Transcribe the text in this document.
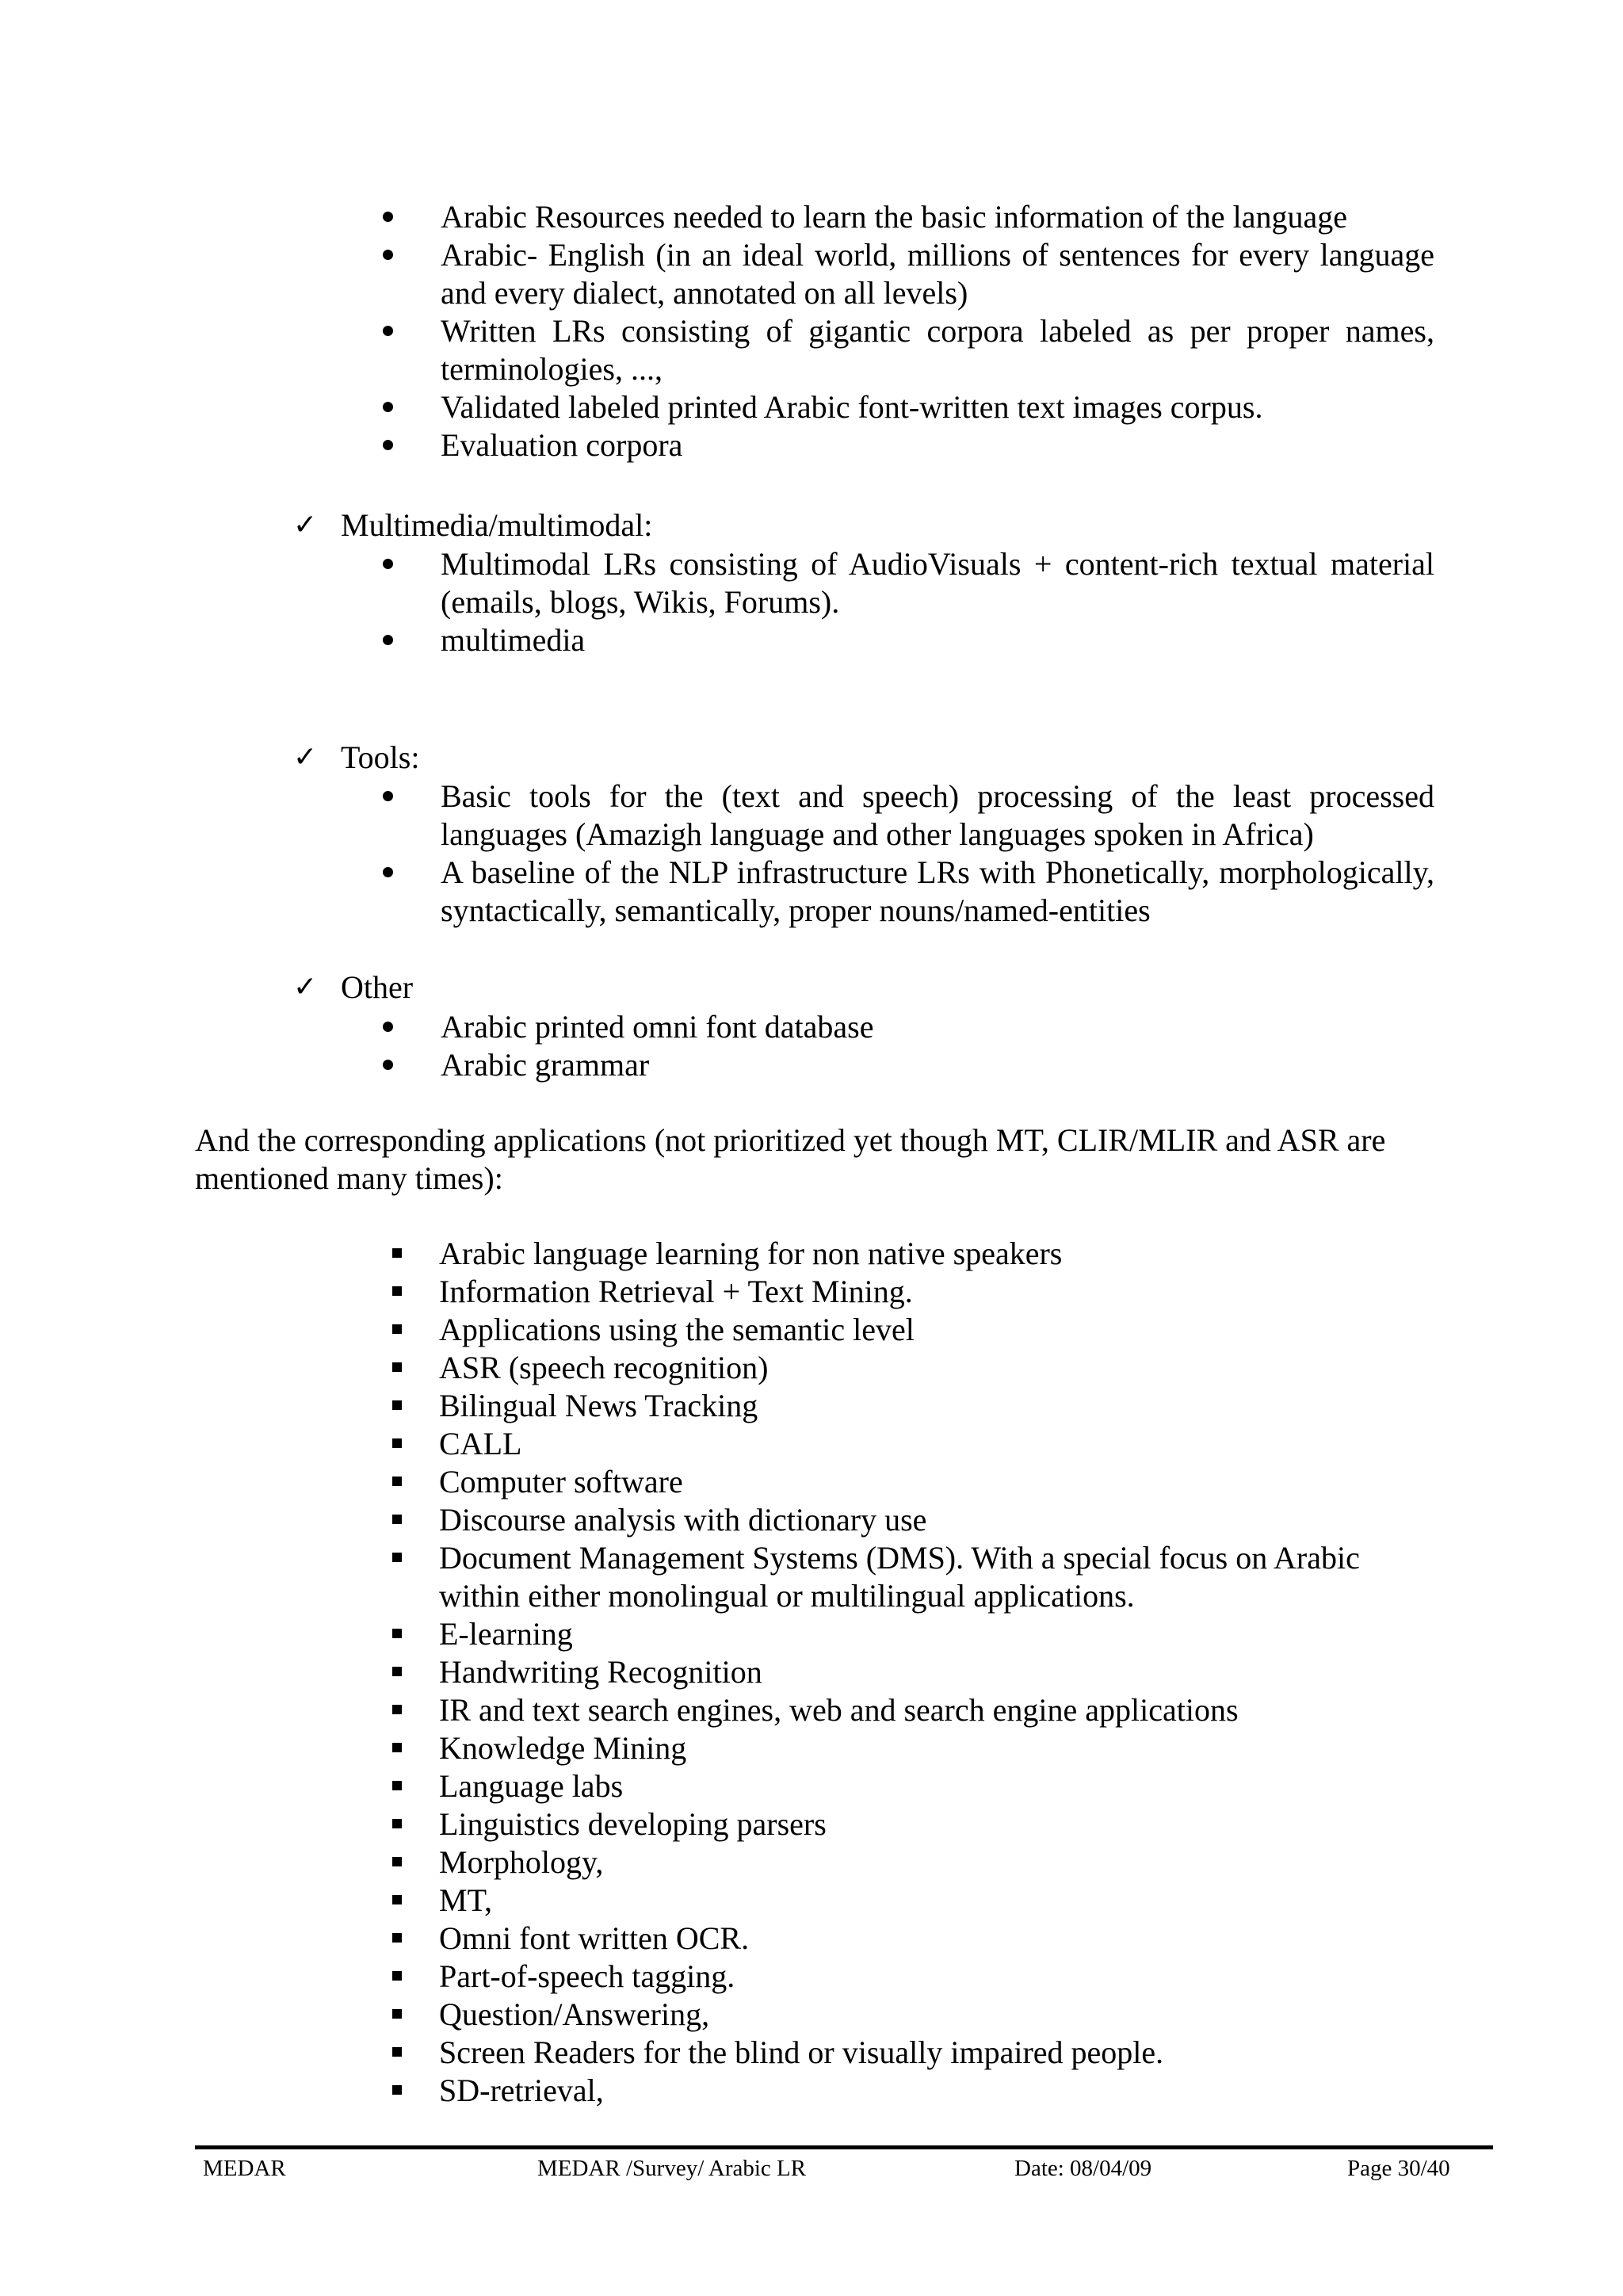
Arabic Resources needed to learn the basic information of the language
Arabic- English (in an ideal world, millions of sentences for every language and every dialect, annotated on all levels)
Written LRs consisting of gigantic corpora labeled as per proper names, terminologies, ...,
Validated labeled printed Arabic font-written text images corpus.
Evaluation corpora
✓ Multimedia/multimodal:
Multimodal LRs consisting of AudioVisuals + content-rich textual material (emails, blogs, Wikis, Forums).
multimedia
✓ Tools:
Basic tools for the (text and speech) processing of the least processed languages (Amazigh language and other languages spoken in Africa)
A baseline of the NLP infrastructure LRs with Phonetically, morphologically, syntactically, semantically, proper nouns/named-entities
✓ Other
Arabic printed omni font database
Arabic grammar
And the corresponding applications (not prioritized yet though MT, CLIR/MLIR and ASR are mentioned many times):
Arabic language learning for non native speakers
Information Retrieval + Text Mining.
Applications using the semantic level
ASR (speech recognition)
Bilingual News Tracking
CALL
Computer software
Discourse analysis with dictionary use
Document Management Systems (DMS). With a special focus on Arabic within either monolingual or multilingual applications.
E-learning
Handwriting Recognition
IR and text search engines, web and search engine applications
Knowledge Mining
Language labs
Linguistics developing parsers
Morphology,
MT,
Omni font written OCR.
Part-of-speech tagging.
Question/Answering,
Screen Readers for the blind or visually impaired people.
SD-retrieval,
MEDAR	MEDAR /Survey/ Arabic LR	Date: 08/04/09	Page 30/40
